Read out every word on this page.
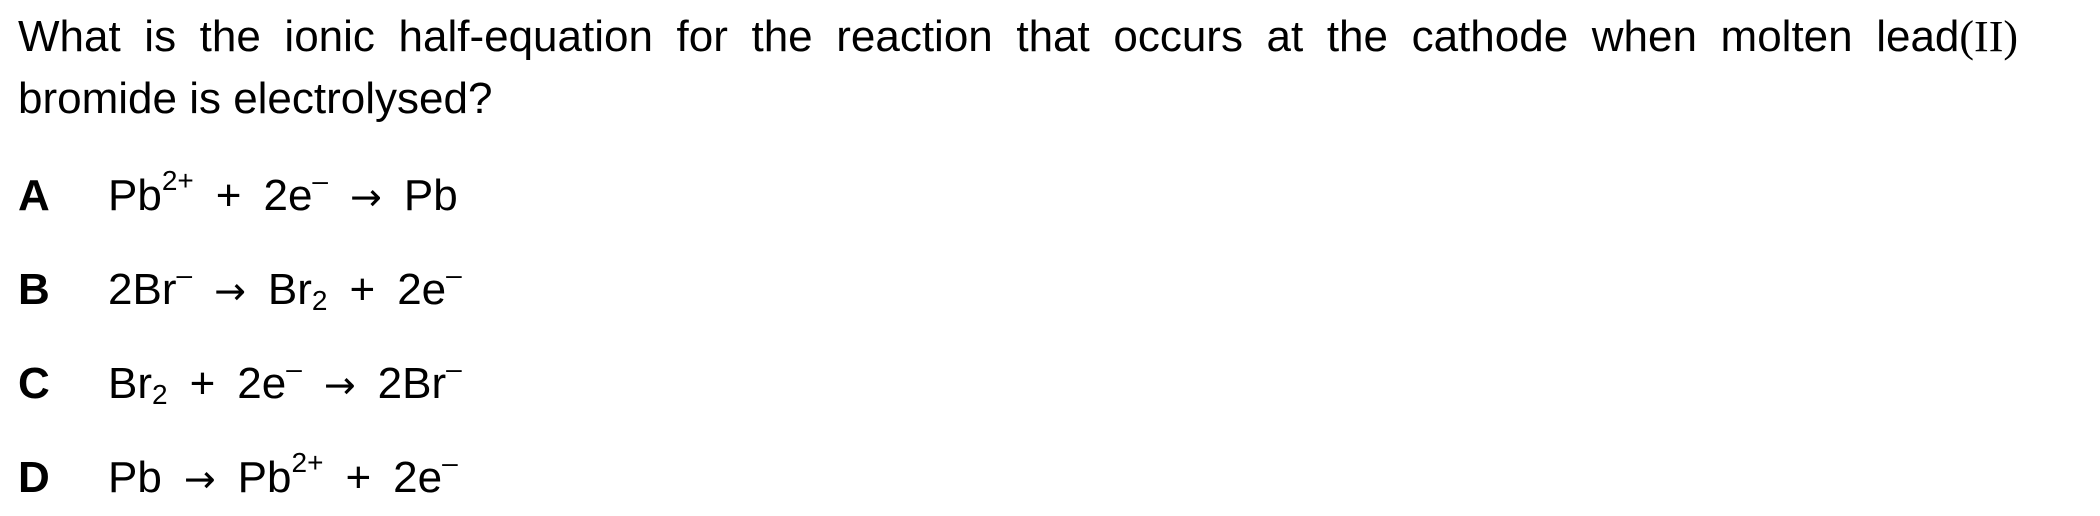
What is the ionic half-equation for the reaction that occurs at the cathode when molten lead(II) bromide is electrolysed?
A $Pb^{2+} + 2e^- \to Pb$
B $2Br^- \to Br_2 + 2e^-$
C $Br_2 + 2e^- \to 2Br^-$
D $Pb \to Pb^{2+} + 2e^-$
